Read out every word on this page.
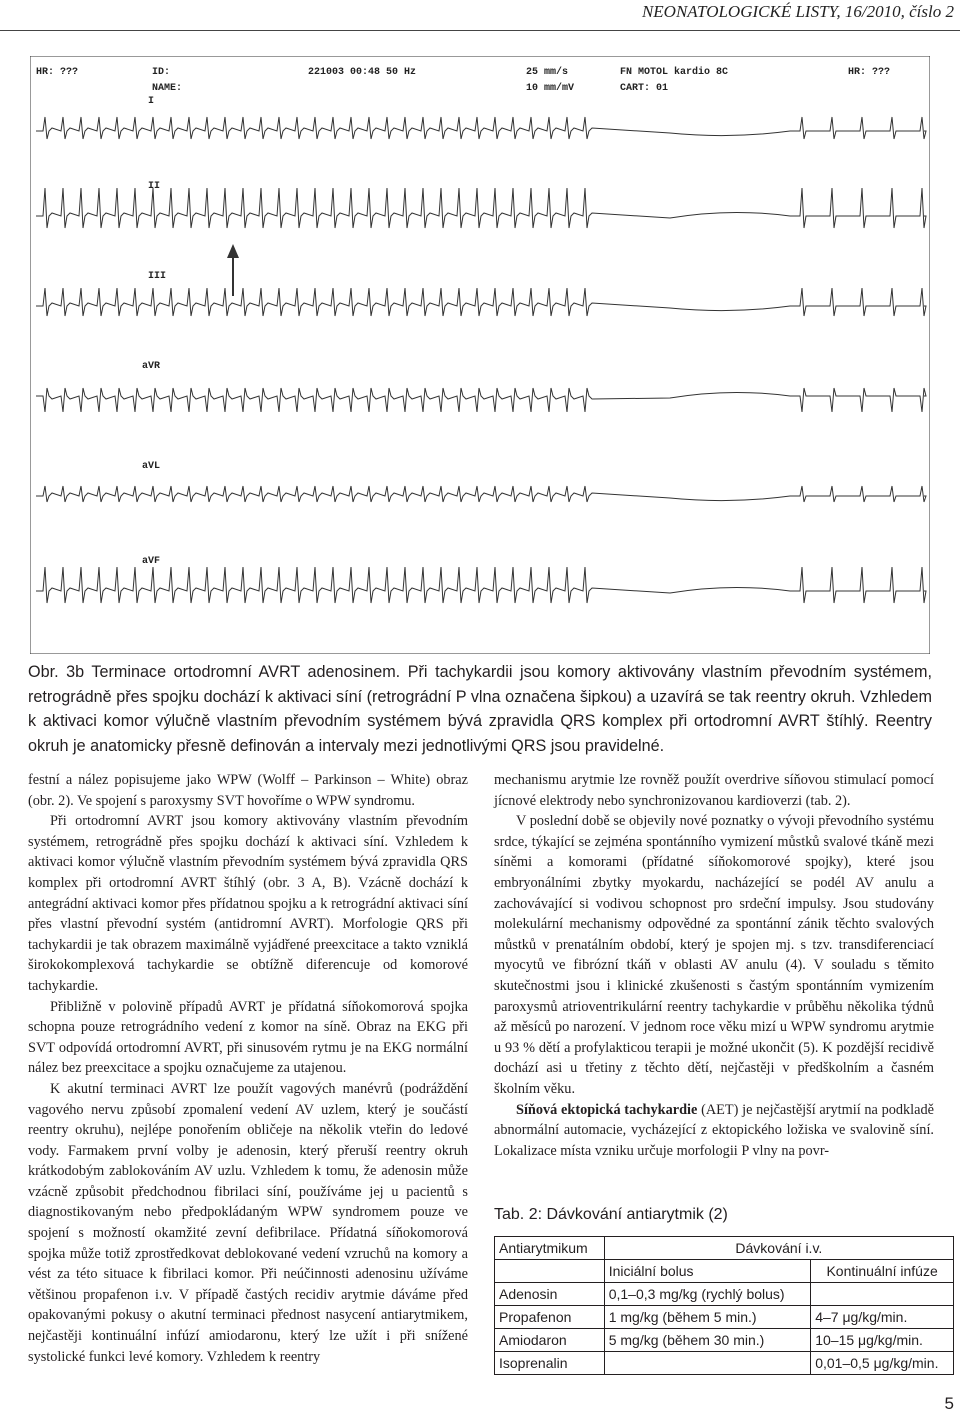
NEONATOLOGICKÉ LISTY, 16/2010, číslo 2
HR: ???	ID:
NAME:
221003 00:48 50 Hz	25 mm/s
10 mm/mV
FN MOTOL kardio 8C
CART: 01
HR: ???
I
II
III
aVR
aVL
aVF
Obr. 3b Terminace ortodromní AVRT adenosinem. Při tachykardii jsou komory aktivovány vlastním převodním systémem, retrográdně přes spojku dochází k aktivaci síní (retrográdní P vlna označena šipkou) a uzavírá se tak reentry okruh. Vzhledem k aktivaci komor výlučně vlastním převodním systémem bývá zpravidla QRS komplex při ortodromní AVRT štíhlý. Reentry okruh je anatomicky přesně definován a intervaly mezi jednotlivými QRS jsou pravidelné.

festní a nález popisujeme jako WPW (Wolff – Parkinson – White) obraz (obr. 2). Ve spojení s paroxysmy SVT hovoříme o WPW syndromu.

Při ortodromní AVRT jsou komory aktivovány vlastním převodním systémem, retrográdně přes spojku dochází k aktivaci síní. Vzhledem k aktivaci komor výlučně vlastním převodním systémem bývá zpravidla QRS komplex při ortodromní AVRT štíhlý (obr. 3 A, B). Vzácně dochází k antegrádní aktivaci komor přes přídatnou spojku a k retrográdní aktivaci síní přes vlastní převodní systém (antidromní AVRT). Morfologie QRS při tachykardii je tak obrazem maximálně vyjádřené preexcitace a takto vzniklá širokokomplexová tachykardie se obtížně diferencuje od komorové tachykardie.

Přibližně v polovině případů AVRT je přídatná síňokomorová spojka schopna pouze retrográdního vedení z komor na síně. Obraz na EKG při SVT odpovídá ortodromní AVRT, při sinusovém rytmu je na EKG normální nález bez preexcitace a spojku označujeme za utajenou.

K akutní terminaci AVRT lze použít vagových manévrů (podráždění vagového nervu způsobí zpomalení vedení AV uzlem, který je součástí reentry okruhu), nejlépe ponořením obličeje na několik vteřin do ledové vody. Farmakem první volby je adenosin, který přeruší reentry okruh krátkodobým zablokováním AV uzlu. Vzhledem k tomu, že adenosin může vzácně způsobit předchodnou fibrilaci síní, používáme jej u pacientů s diagnostikovaným nebo předpokládaným WPW syndromem pouze ve spojení s možností okamžité zevní defibrilace. Přídatná síňokomorová spojka může totiž zprostředkovat deblokované vedení vzruchů na komory a vést za této situace k fibrilaci komor. Při neúčinnosti adenosinu užíváme většinou propafenon i.v. V případě častých recidiv arytmie dáváme před opakovanými pokusy o akutní terminaci přednost nasycení antiarytmikem, nejčastěji kontinuální infúzí amiodaronu, který lze užít i při snížené systolické funkci levé komory. Vzhledem k reentry

mechanismu arytmie lze rovněž použít overdrive síňovou stimulací pomocí jícnové elektrody nebo synchronizovanou kardioverzi (tab. 2).

V poslední době se objevily nové poznatky o vývoji převodního systému srdce, týkající se zejména spontánního vymizení můstků svalové tkáně mezi síněmi a komorami (přídatné síňokomorové spojky), které jsou embryonálními zbytky myokardu, nacházející se podél AV anulu a zachovávající si vodivou schopnost pro srdeční impulsy. Jsou studovány molekulární mechanismy odpovědné za spontánní zánik těchto svalových můstků v prenatálním období, který je spojen mj. s tzv. transdiferenciací myocytů ve fibrózní tkáň v oblasti AV anulu (4). V souladu s těmito skutečnostmi jsou i klinické zkušenosti s častým spontánním vymizením paroxysmů atrioventrikulární reentry tachykardie v průběhu několika týdnů až měsíců po narození. V jednom roce věku mizí u WPW syndromu arytmie u 93 % dětí a profylakticou terapii je možné ukončit (5). K pozdější recidivě dochází asi u třetiny z těchto dětí, nejčastěji v předškolním a časném školním věku.

Síňová ektopická tachykardie (AET) je nejčastější arytmií na podkladě abnormální automacie, vycházející z ektopického ložiska ve svalovině síní. Lokalizace místa vzniku určuje morfologii P vlny na povr-

Tab. 2: Dávkování antiarytmik (2)
Antiarytmikum	Dávkování i.v.	
	Iniciální bolus	Kontinuální infúze
Adenosin	0,1–0,3 mg/kg (rychlý bolus)	
Propafenon	1 mg/kg (během 5 min.)	4–7 μg/kg/min.
Amiodaron	5 mg/kg (během 30 min.)	10–15 μg/kg/min.
Isoprenalin		0,01–0,5 μg/kg/min.
5
